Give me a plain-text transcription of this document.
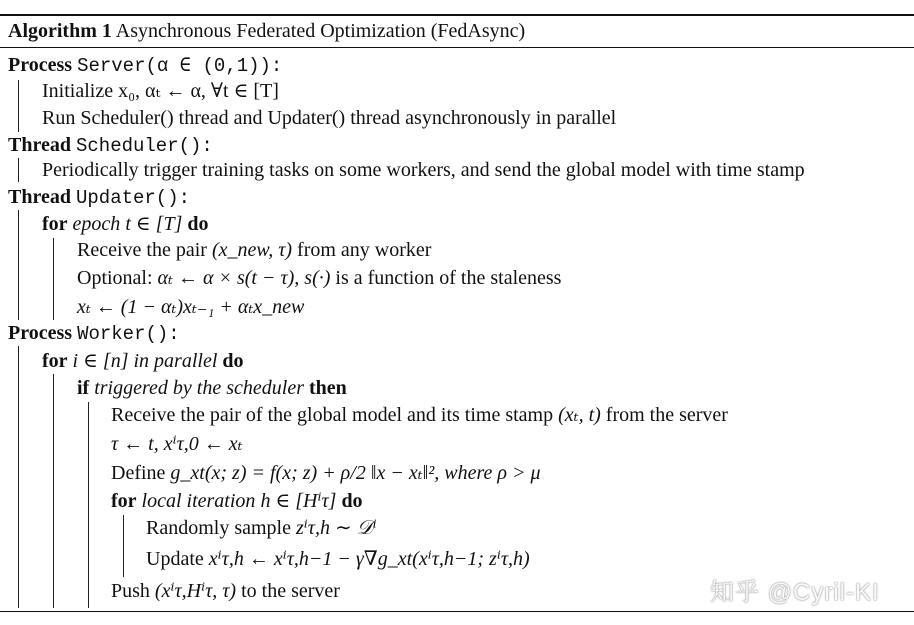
Algorithm 1 Asynchronous Federated Optimization (FedAsync)
Process Server(α ∈ (0,1)):
Initialize x₀, αₜ ← α, ∀t ∈ [T]
Run Scheduler() thread and Updater() thread asynchronously in parallel
Thread Scheduler():
Periodically trigger training tasks on some workers, and send the global model with time stamp
Thread Updater():
for epoch t ∈ [T] do
Receive the pair (x_new, τ) from any worker
Optional: αₜ ← α × s(t − τ), s(·) is a function of the staleness
xₜ ← (1 − αₜ)xₜ₋₁ + αₜx_new
Process Worker():
for i ∈ [n] in parallel do
if triggered by the scheduler then
Receive the pair of the global model and its time stamp (xₜ, t) from the server
τ ← t, xⁱτ,0 ← xₜ
Define g_xt(x; z) = f(x; z) + ρ/2 ‖x − xₜ‖², where ρ > μ
for local iteration h ∈ [Hⁱτ] do
Randomly sample zⁱτ,h ∼ 𝒟ⁱ
Update xⁱτ,h ← xⁱτ,h−1 − γ∇g_xt(xⁱτ,h−1; zⁱτ,h)
Push (xⁱτ,Hⁱτ, τ) to the server	知乎 @Cyril-KI
